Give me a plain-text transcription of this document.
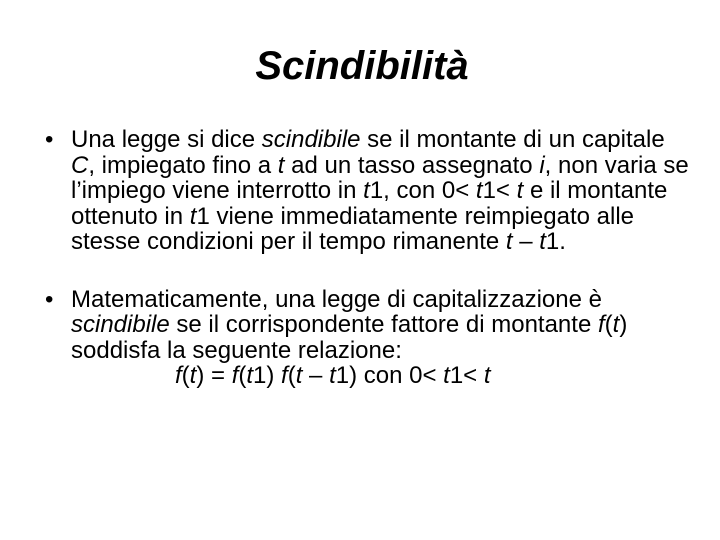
Scindibilità
• Una legge si dice scindibile se il montante di un capitale C, impiegato fino a t ad un tasso assegnato i, non varia se l’impiego viene interrotto in t1, con 0< t1< t e il montante ottenuto in t1 viene immediatamente reimpiegato alle stesse condizioni per il tempo rimanente t – t1.
• Matematicamente, una legge di capitalizzazione è scindibile se il corrispondente fattore di montante f(t) soddisfa la seguente relazione:
f(t) = f(t1) f(t – t1) con 0< t1< t
